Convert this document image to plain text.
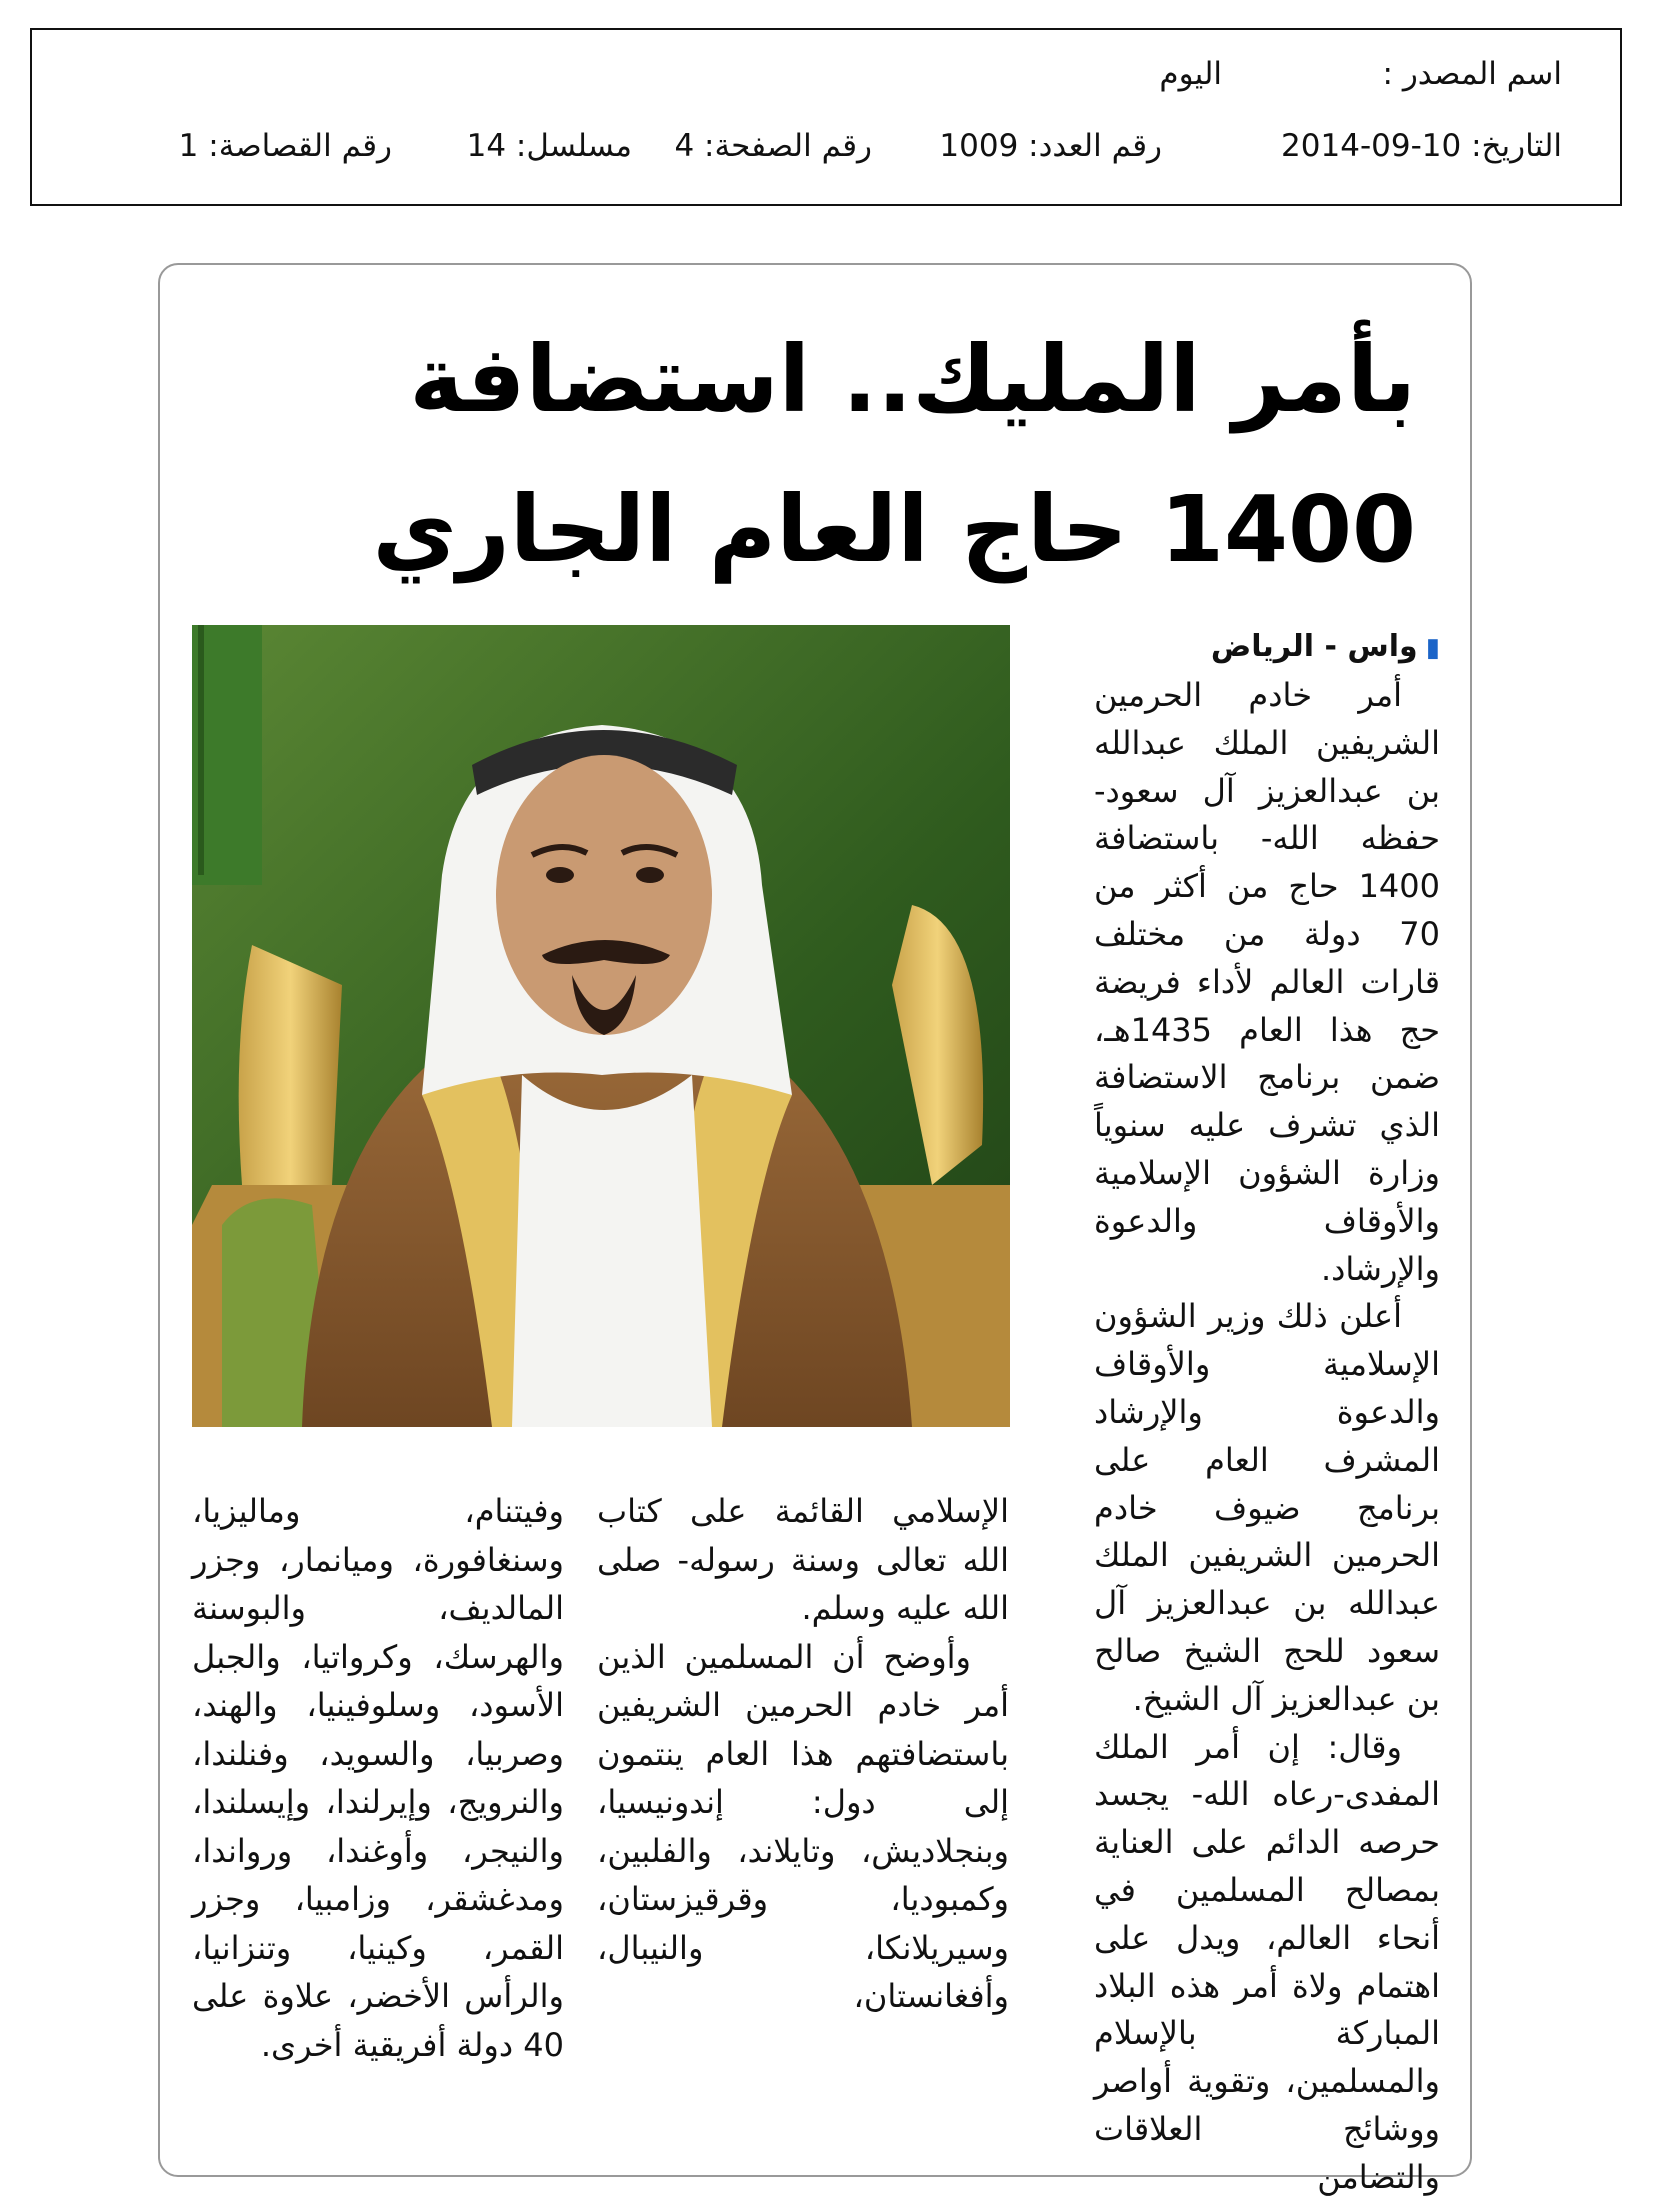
اسم المصدر :
اليوم
التاريخ: 10-09-2014
رقم العدد: 1009
رقم الصفحة: 4
مسلسل: 14
رقم القصاصة: 1
بأمر المليك.. استضافة 1400 حاج العام الجاري
▮واس - الرياض

أمر خادم الحرمين الشريفين الملك عبدالله بن عبدالعزيز آل سعود- حفظه الله- باستضافة 1400 حاج من أكثر من 70 دولة من مختلف قارات العالم لأداء فريضة حج هذا العام 1435هـ، ضمن برنامج الاستضافة الذي تشرف عليه سنوياً وزارة الشؤون الإسلامية والأوقاف والدعوة والإرشاد.

أعلن ذلك وزير الشؤون الإسلامية والأوقاف والدعوة والإرشاد المشرف العام على برنامج ضيوف خادم الحرمين الشريفين الملك عبدالله بن عبدالعزيز آل سعود للحج الشيخ صالح بن عبدالعزيز آل الشيخ.

وقال: إن أمر الملك المفدى-رعاه الله- يجسد حرصه الدائم على العناية بمصالح المسلمين في أنحاء العالم، ويدل على اهتمام ولاة أمر هذه البلاد المباركة بالإسلام والمسلمين، وتقوية أواصر ووشائج العلاقات والتضامن

الإسلامي القائمة على كتاب الله تعالى وسنة رسوله- صلى الله عليه وسلم.

وأوضح أن المسلمين الذين أمر خادم الحرمين الشريفين باستضافتهم هذا العام ينتمون إلى دول: إندونيسيا، وبنجلاديش، وتايلاند، والفلبين، وكمبوديا، وقرقيزستان، وسيريلانكا، والنيبال، وأفغانستان،

وفيتنام، وماليزيا، وسنغافورة، وميانمار، وجزر المالديف، والبوسنة والهرسك، وكرواتيا، والجبل الأسود، وسلوفينيا، والهند، وصربيا، والسويد، وفنلندا، والنرويج، وإيرلندا، وإيسلندا، والنيجر، وأوغندا، ورواندا، ومدغشقر، وزامبيا، وجزر القمر، وكينيا، وتنزانيا، والرأس الأخضر، علاوة على 40 دولة أفريقية أخرى.
